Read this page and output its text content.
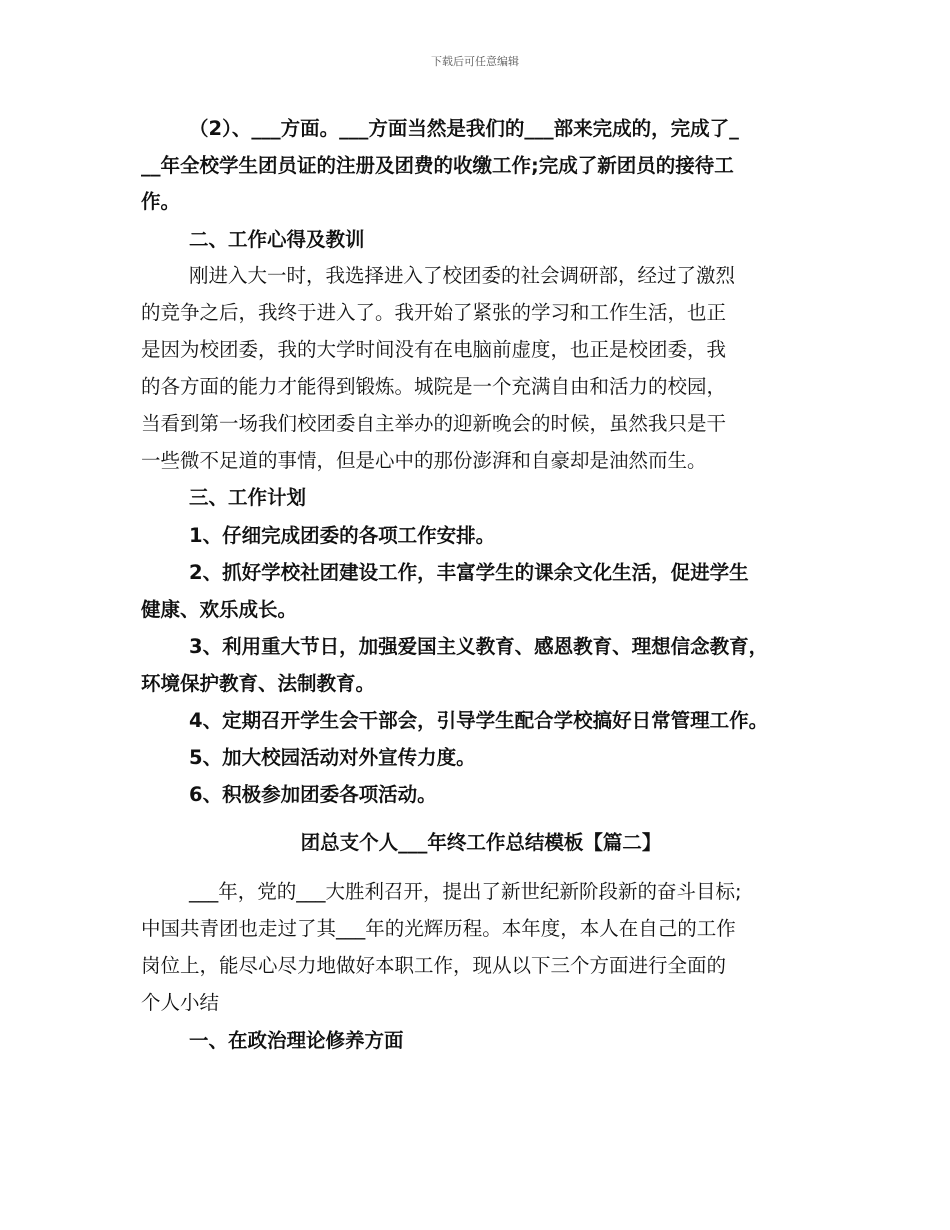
下载后可任意编辑
（2）、___方面。___方面当然是我们的___部来完成的，完成了_
__年全校学生团员证的注册及团费的收缴工作;完成了新团员的接待工
作。
二、工作心得及教训
刚进入大一时，我选择进入了校团委的社会调研部，经过了激烈
的竞争之后，我终于进入了。我开始了紧张的学习和工作生活，也正
是因为校团委，我的大学时间没有在电脑前虚度，也正是校团委，我
的各方面的能力才能得到锻炼。城院是一个充满自由和活力的校园，
当看到第一场我们校团委自主举办的迎新晚会的时候，虽然我只是干
一些微不足道的事情，但是心中的那份澎湃和自豪却是油然而生。
三、工作计划
1、仔细完成团委的各项工作安排。
2、抓好学校社团建设工作，丰富学生的课余文化生活，促进学生
健康、欢乐成长。
3、利用重大节日，加强爱国主义教育、感恩教育、理想信念教育，
环境保护教育、法制教育。
4、定期召开学生会干部会，引导学生配合学校搞好日常管理工作。
5、加大校园活动对外宣传力度。
6、积极参加团委各项活动。
团总支个人___年终工作总结模板【篇二】
___年，党的___大胜利召开，提出了新世纪新阶段新的奋斗目标;
中国共青团也走过了其___年的光辉历程。本年度，本人在自己的工作
岗位上，能尽心尽力地做好本职工作，现从以下三个方面进行全面的
个人小结
一、在政治理论修养方面
